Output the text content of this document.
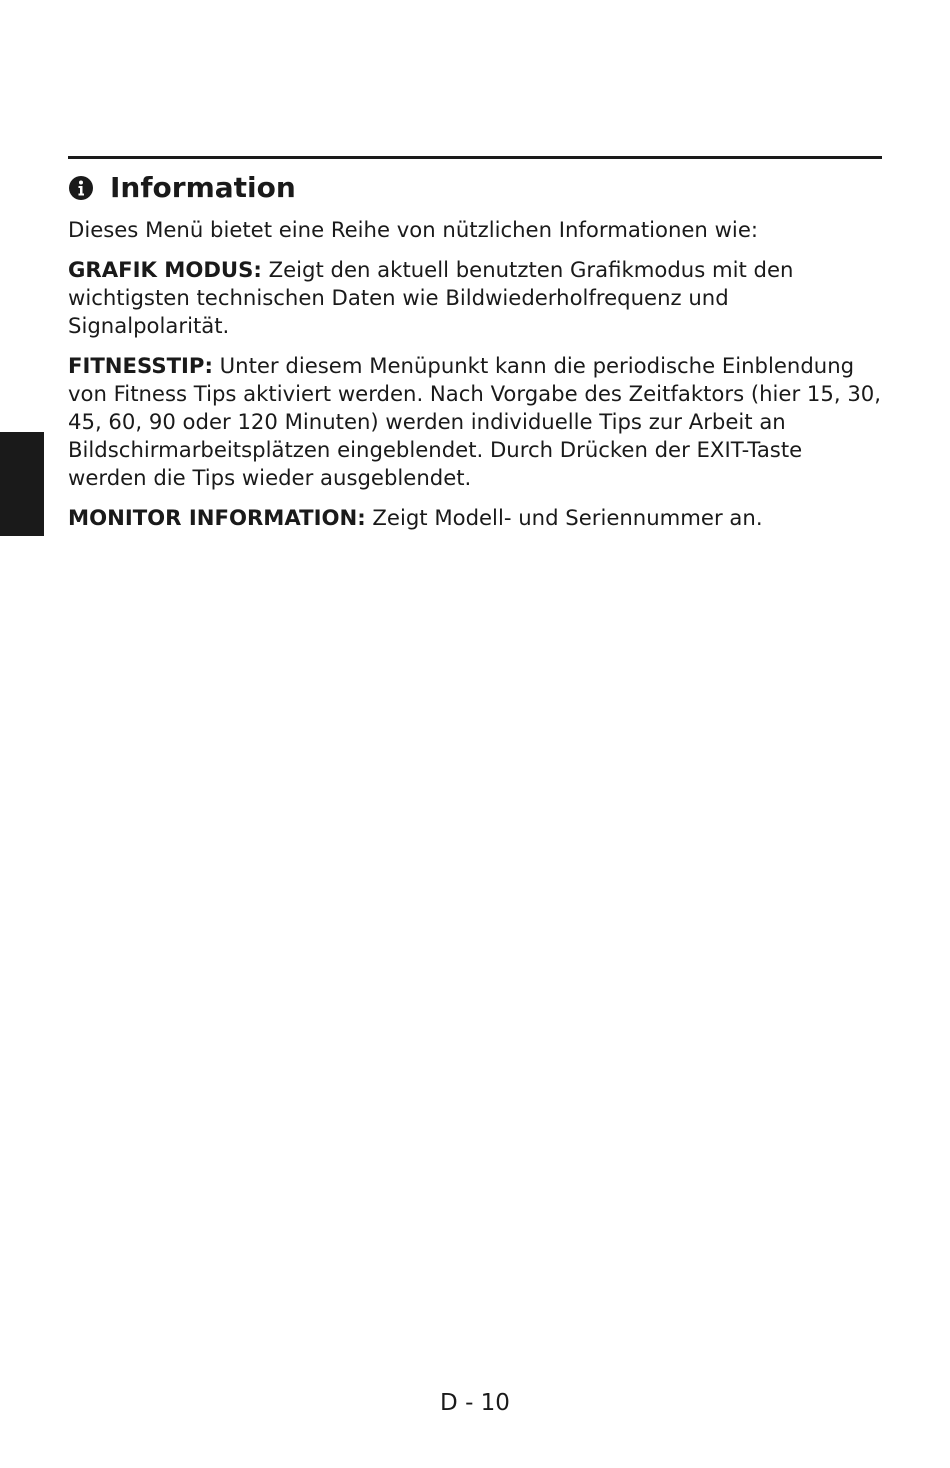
Information

Dieses Menü bietet eine Reihe von nützlichen Informationen wie:

GRAFIK MODUS: Zeigt den aktuell benutzten Grafikmodus mit den wichtigsten technischen Daten wie Bildwiederholfrequenz und Signalpolarität.

FITNESSTIP: Unter diesem Menüpunkt kann die periodische Einblendung von Fitness Tips aktiviert werden. Nach Vorgabe des Zeitfaktors (hier 15, 30, 45, 60, 90 oder 120 Minuten) werden individuelle Tips zur Arbeit an Bildschirmarbeitsplätzen eingeblendet. Durch Drücken der EXIT-Taste werden die Tips wieder ausgeblendet.

MONITOR INFORMATION: Zeigt Modell- und Seriennummer an.

D - 10
